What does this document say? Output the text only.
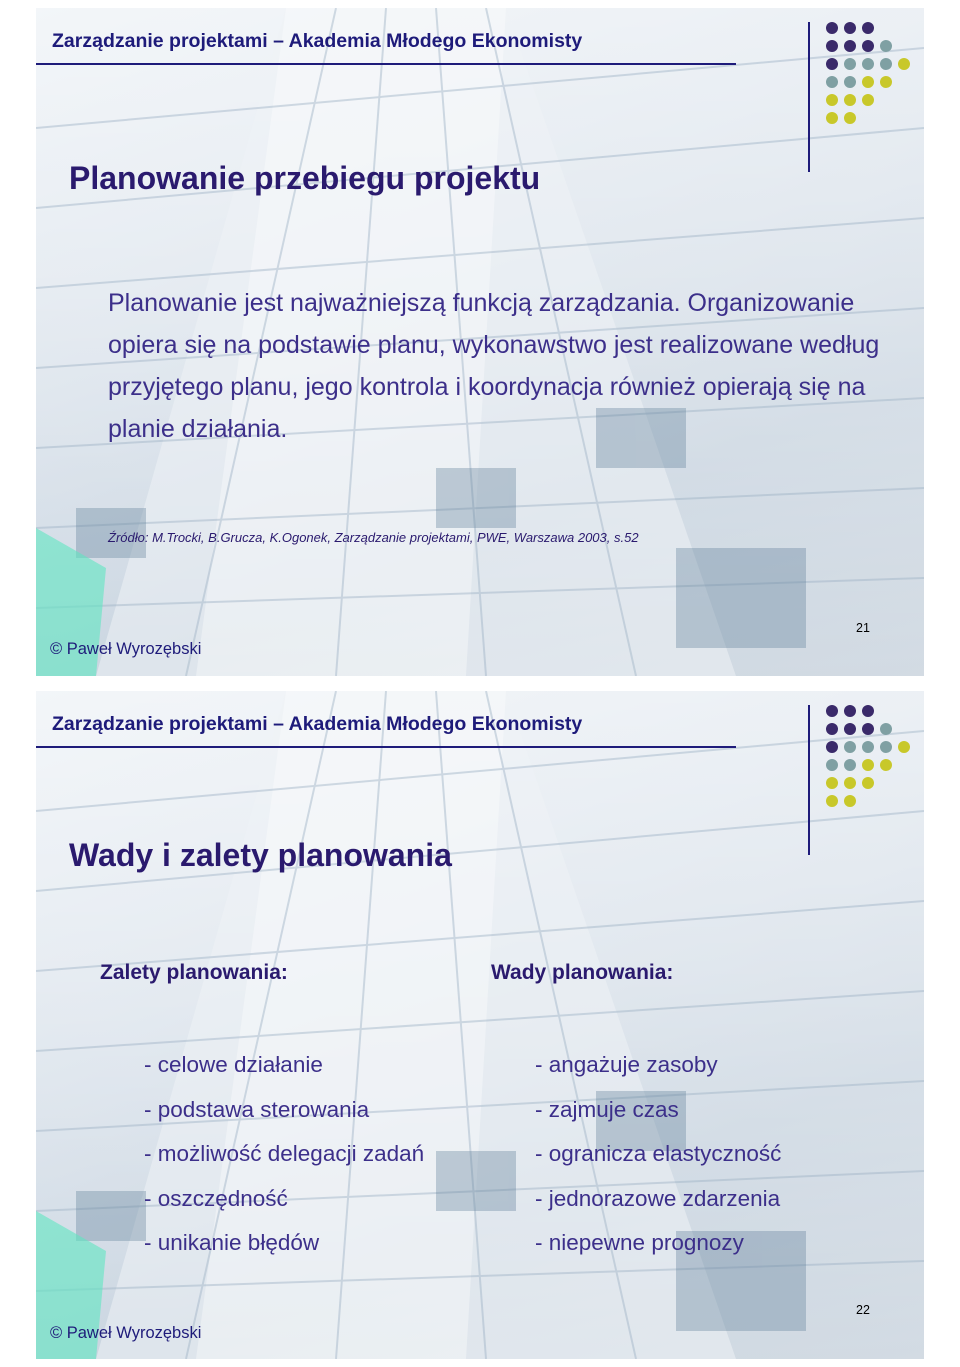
Zarządzanie projektami – Akademia Młodego Ekonomisty
Planowanie przebiegu projektu
Planowanie jest najważniejszą funkcją zarządzania. Organizowanie opiera się na podstawie planu, wykonawstwo jest realizowane według przyjętego planu, jego kontrola i koordynacja również opierają się na planie działania.
Źródło: M.Trocki, B.Grucza, K.Ogonek, Zarządzanie projektami, PWE, Warszawa 2003, s.52
© Paweł Wyrozębski
21
Zarządzanie projektami – Akademia Młodego Ekonomisty
Wady i zalety planowania
Zalety planowania:	Wady planowania:
- celowe działanie
- podstawa sterowania
- możliwość delegacji zadań
- oszczędność
- unikanie błędów
- angażuje zasoby
- zajmuje czas
- ogranicza elastyczność
- jednorazowe zdarzenia
- niepewne prognozy
© Paweł Wyrozębski
22
